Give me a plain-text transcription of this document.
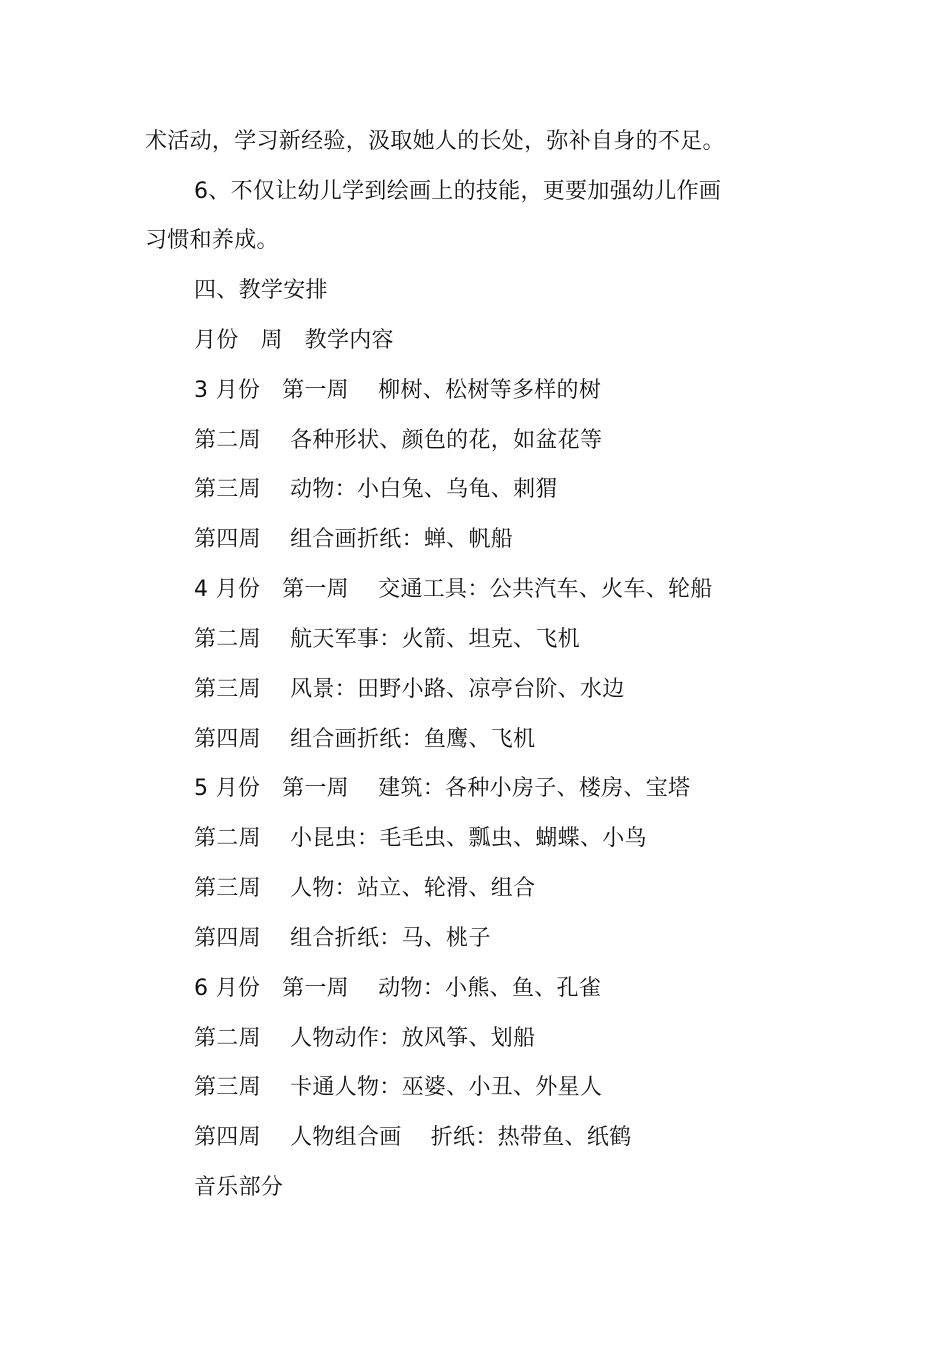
术活动，学习新经验，汲取她人的长处，弥补自身的不足。
6、不仅让幼儿学到绘画上的技能，更要加强幼儿作画
习惯和养成。
四、教学安排
月份   周   教学内容
3 月份   第一周    柳树、松树等多样的树
第二周    各种形状、颜色的花，如盆花等
第三周    动物：小白兔、乌龟、刺猬
第四周    组合画折纸：蝉、帆船
4 月份   第一周    交通工具：公共汽车、火车、轮船
第二周    航天军事：火箭、坦克、飞机
第三周    风景：田野小路、凉亭台阶、水边
第四周    组合画折纸：鱼鹰、飞机
5 月份   第一周    建筑：各种小房子、楼房、宝塔
第二周    小昆虫：毛毛虫、瓢虫、蝴蝶、小鸟
第三周    人物：站立、轮滑、组合
第四周    组合折纸：马、桃子
6 月份   第一周    动物：小熊、鱼、孔雀
第二周    人物动作：放风筝、划船
第三周    卡通人物：巫婆、小丑、外星人
第四周    人物组合画    折纸：热带鱼、纸鹤
音乐部分
